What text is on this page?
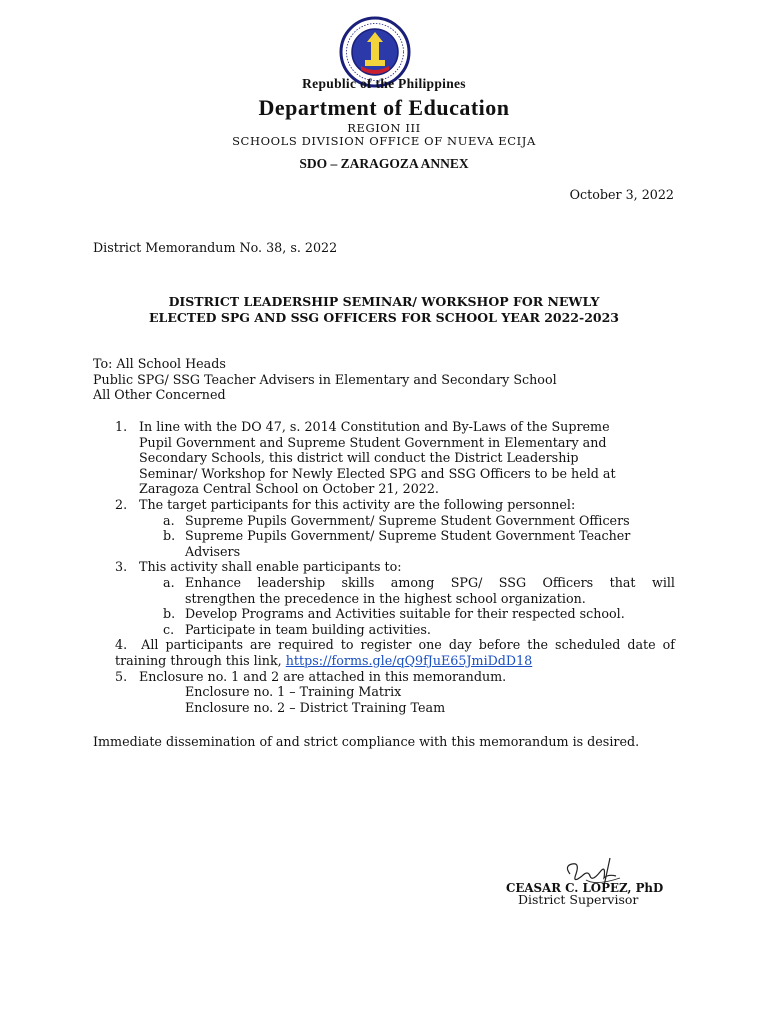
Republic of the Philippines
Department of Education
REGION III
SCHOOLS DIVISION OFFICE OF NUEVA ECIJA
SDO – ZARAGOZA ANNEX
October 3, 2022
District Memorandum No. 38, s. 2022
DISTRICT LEADERSHIP SEMINAR/ WORKSHOP FOR NEWLY
ELECTED SPG AND SSG OFFICERS FOR SCHOOL YEAR 2022-2023
To: All School Heads
Public SPG/ SSG Teacher Advisers in Elementary and Secondary School
All Other Concerned
1. In line with the DO 47, s. 2014 Constitution and By-Laws of the Supreme
Pupil Government and Supreme Student Government in Elementary and
Secondary Schools, this district will conduct the District Leadership
Seminar/ Workshop for Newly Elected SPG and SSG Officers to be held at
Zaragoza Central School on October 21, 2022.
2. The target participants for this activity are the following personnel:
a. Supreme Pupils Government/ Supreme Student Government Officers
b. Supreme Pupils Government/ Supreme Student Government Teacher
Advisers
3. This activity shall enable participants to:
a. Enhance leadership skills among SPG/ SSG Officers that will
strengthen the precedence in the highest school organization.
b. Develop Programs and Activities suitable for their respected school.
c. Participate in team building activities.
4. All participants are required to register one day before the scheduled date of
training through this link, https://forms.gle/qQ9fJuE65JmiDdD18
5. Enclosure no. 1 and 2 are attached in this memorandum.
Enclosure no. 1 – Training Matrix
Enclosure no. 2 – District Training Team
Immediate dissemination of and strict compliance with this memorandum is desired.
CEASAR C. LOPEZ, PhD
District Supervisor
